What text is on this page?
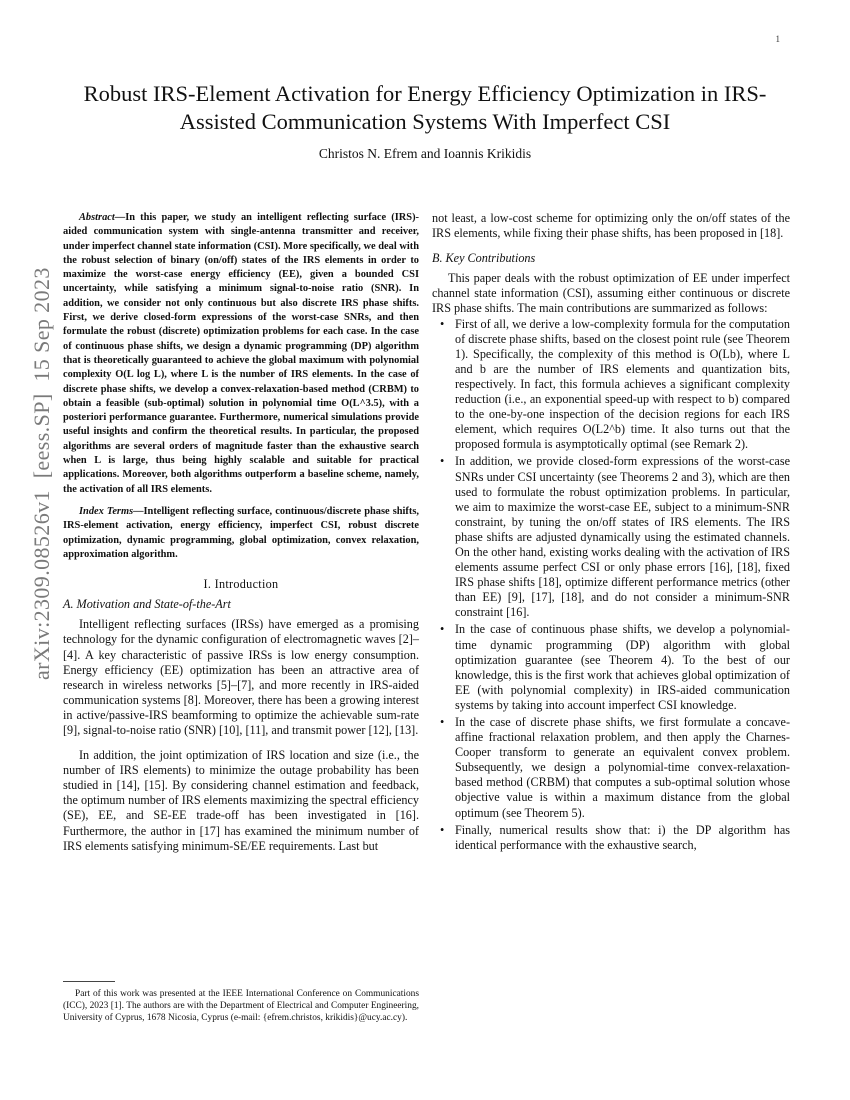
1
arXiv:2309.08526v1  [eess.SP]  15 Sep 2023
Robust IRS-Element Activation for Energy Efficiency Optimization in IRS-Assisted Communication Systems With Imperfect CSI
Christos N. Efrem and Ioannis Krikidis

Abstract—In this paper, we study an intelligent reflecting surface (IRS)-aided communication system with single-antenna transmitter and receiver, under imperfect channel state information (CSI). More specifically, we deal with the robust selection of binary (on/off) states of the IRS elements in order to maximize the worst-case energy efficiency (EE), given a bounded CSI uncertainty, while satisfying a minimum signal-to-noise ratio (SNR). In addition, we consider not only continuous but also discrete IRS phase shifts. First, we derive closed-form expressions of the worst-case SNRs, and then formulate the robust (discrete) optimization problems for each case. In the case of continuous phase shifts, we design a dynamic programming (DP) algorithm that is theoretically guaranteed to achieve the global maximum with polynomial complexity O(L log L), where L is the number of IRS elements. In the case of discrete phase shifts, we develop a convex-relaxation-based method (CRBM) to obtain a feasible (sub-optimal) solution in polynomial time O(L^3.5), with a posteriori performance guarantee. Furthermore, numerical simulations provide useful insights and confirm the theoretical results. In particular, the proposed algorithms are several orders of magnitude faster than the exhaustive search when L is large, thus being highly scalable and suitable for practical applications. Moreover, both algorithms outperform a baseline scheme, namely, the activation of all IRS elements.

Index Terms—Intelligent reflecting surface, continuous/discrete phase shifts, IRS-element activation, energy efficiency, imperfect CSI, robust discrete optimization, dynamic programming, global optimization, convex relaxation, approximation algorithm.

I. Introduction

A. Motivation and State-of-the-Art

Intelligent reflecting surfaces (IRSs) have emerged as a promising technology for the dynamic configuration of electromagnetic waves [2]–[4]. A key characteristic of passive IRSs is low energy consumption. Energy efficiency (EE) optimization has been an attractive area of research in wireless networks [5]–[7], and more recently in IRS-aided communication systems [8]. Moreover, there has been a growing interest in active/passive-IRS beamforming to optimize the achievable sum-rate [9], signal-to-noise ratio (SNR) [10], [11], and transmit power [12], [13].

In addition, the joint optimization of IRS location and size (i.e., the number of IRS elements) to minimize the outage probability has been studied in [14], [15]. By considering channel estimation and feedback, the optimum number of IRS elements maximizing the spectral efficiency (SE), EE, and SE-EE trade-off has been investigated in [16]. Furthermore, the author in [17] has examined the minimum number of IRS elements satisfying minimum-SE/EE requirements. Last but

Part of this work was presented at the IEEE International Conference on Communications (ICC), 2023 [1]. The authors are with the Department of Electrical and Computer Engineering, University of Cyprus, 1678 Nicosia, Cyprus (e-mail: {efrem.christos, krikidis}@ucy.ac.cy).

not least, a low-cost scheme for optimizing only the on/off states of the IRS elements, while fixing their phase shifts, has been proposed in [18].

B. Key Contributions

This paper deals with the robust optimization of EE under imperfect channel state information (CSI), assuming either continuous or discrete IRS phase shifts. The main contributions are summarized as follows:

• First of all, we derive a low-complexity formula for the computation of discrete phase shifts, based on the closest point rule (see Theorem 1). Specifically, the complexity of this method is O(Lb), where L and b are the number of IRS elements and quantization bits, respectively. In fact, this formula achieves a significant complexity reduction (i.e., an exponential speed-up with respect to b) compared to the one-by-one inspection of the decision regions for each IRS element, which requires O(L2^b) time. It also turns out that the proposed formula is asymptotically optimal (see Remark 2).
• In addition, we provide closed-form expressions of the worst-case SNRs under CSI uncertainty (see Theorems 2 and 3), which are then used to formulate the robust optimization problems. In particular, we aim to maximize the worst-case EE, subject to a minimum-SNR constraint, by tuning the on/off states of IRS elements. The IRS phase shifts are adjusted dynamically using the estimated channels. On the other hand, existing works dealing with the activation of IRS elements assume perfect CSI or only phase errors [16], [18], fixed IRS phase shifts [18], optimize different performance metrics (other than EE) [9], [17], [18], and do not consider a minimum-SNR constraint [16].
• In the case of continuous phase shifts, we develop a polynomial-time dynamic programming (DP) algorithm with global optimization guarantee (see Theorem 4). To the best of our knowledge, this is the first work that achieves global optimization of EE (with polynomial complexity) in IRS-aided communication systems by taking into account imperfect CSI knowledge.
• In the case of discrete phase shifts, we first formulate a concave-affine fractional relaxation problem, and then apply the Charnes-Cooper transform to generate an equivalent convex problem. Subsequently, we design a polynomial-time convex-relaxation-based method (CRBM) that computes a sub-optimal solution whose objective value is within a maximum distance from the global optimum (see Theorem 5).
• Finally, numerical results show that: i) the DP algorithm has identical performance with the exhaustive search,
